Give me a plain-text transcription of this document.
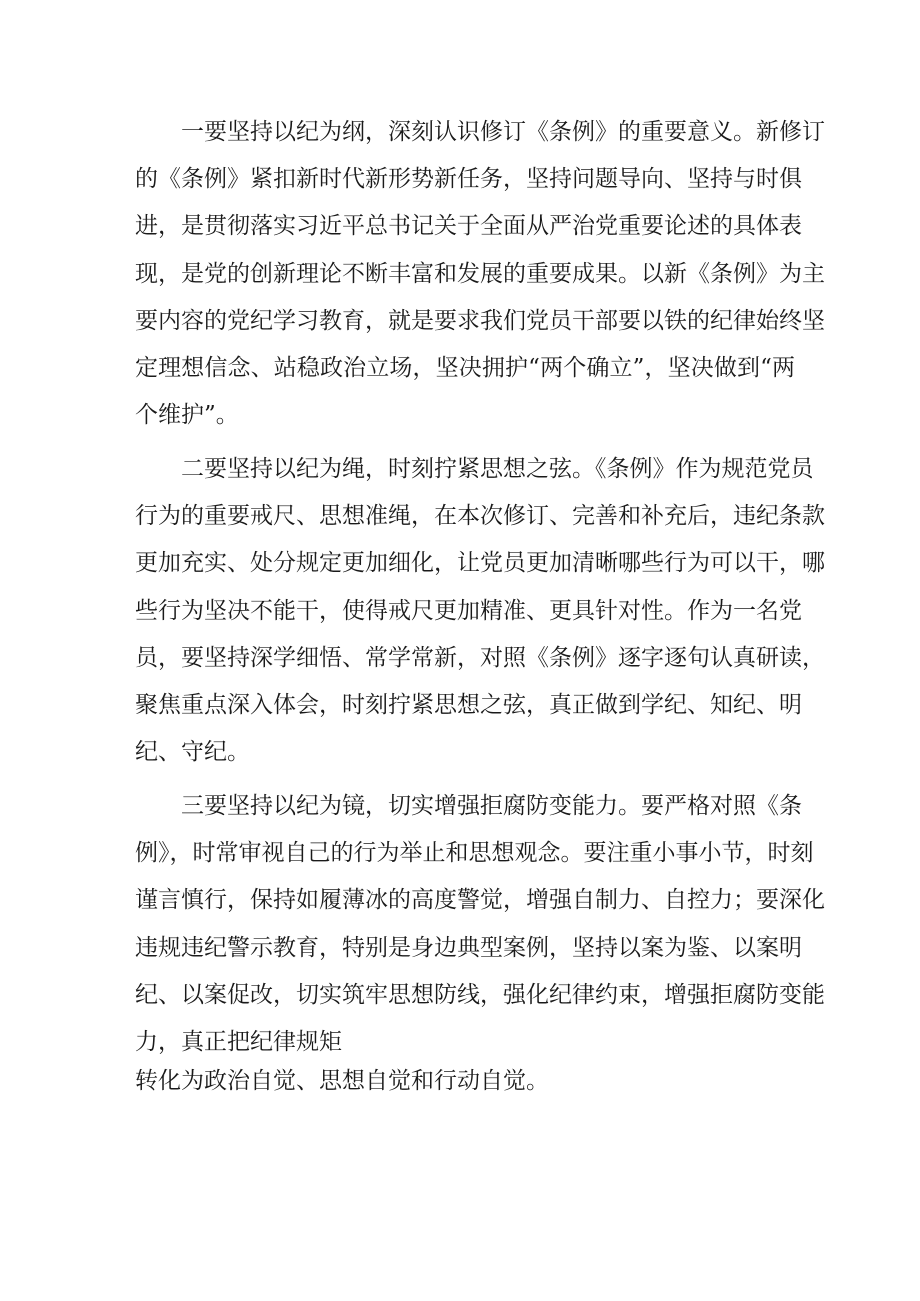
一要坚持以纪为纲，深刻认识修订《条例》的重要意义。新修订
的《条例》紧扣新时代新形势新任务，坚持问题导向、坚持与时俱
进，是贯彻落实习近平总书记关于全面从严治党重要论述的具体表
现，是党的创新理论不断丰富和发展的重要成果。以新《条例》为主
要内容的党纪学习教育，就是要求我们党员干部要以铁的纪律始终坚
定理想信念、站稳政治立场，坚决拥护“两个确立”，坚决做到“两
个维护”。
二要坚持以纪为绳，时刻拧紧思想之弦。《条例》作为规范党员
行为的重要戒尺、思想准绳，在本次修订、完善和补充后，违纪条款
更加充实、处分规定更加细化，让党员更加清晰哪些行为可以干，哪
些行为坚决不能干，使得戒尺更加精准、更具针对性。作为一名党
员，要坚持深学细悟、常学常新，对照《条例》逐字逐句认真研读，
聚焦重点深入体会，时刻拧紧思想之弦，真正做到学纪、知纪、明
纪、守纪。
三要坚持以纪为镜，切实增强拒腐防变能力。要严格对照《条
例》，时常审视自己的行为举止和思想观念。要注重小事小节，时刻
谨言慎行，保持如履薄冰的高度警觉，增强自制力、自控力；要深化
违规违纪警示教育，特别是身边典型案例，坚持以案为鉴、以案明
纪、以案促改，切实筑牢思想防线，强化纪律约束，增强拒腐防变能
力，真正把纪律规矩
转化为政治自觉、思想自觉和行动自觉。
